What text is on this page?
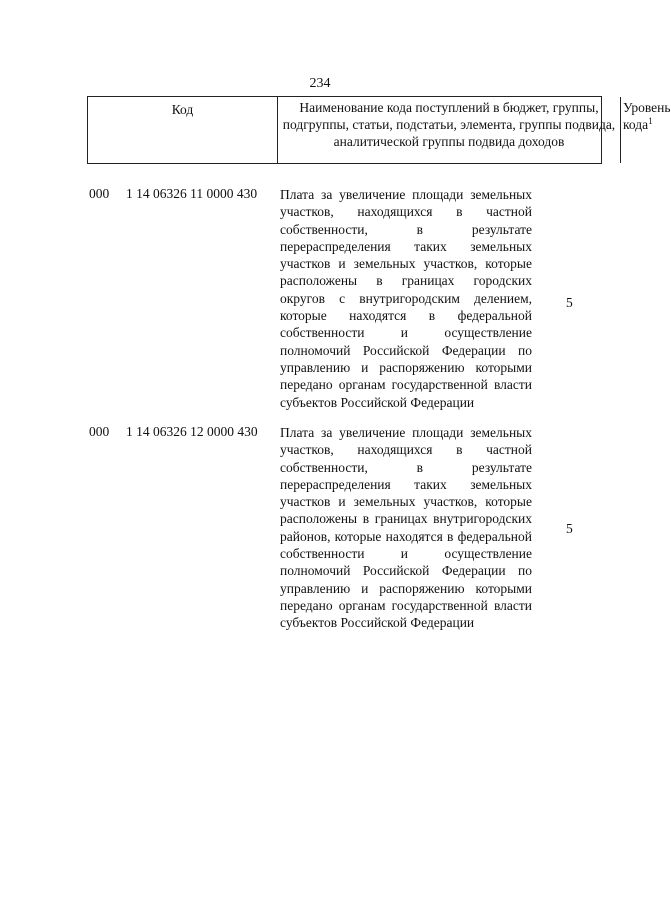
234
Код	Наименование кода поступлений в бюджет, группы, подгруппы, статьи, подстатьи, элемента, группы подвида, аналитической группы подвида доходов
Уровень кода$^1$
000 1 14 06326 11 0000 430 Плата за увеличение площади земельных участков, находящихся в частной собственности, в результате перераспределения таких земельных участков и земельных участков, которые расположены в границах городских округов с внутригородским делением, которые находятся в федеральной собственности и осуществление полномочий Российской Федерации по управлению и распоряжению которыми передано органам государственной власти субъектов Российской Федерации
5
000 1 14 06326 12 0000 430 Плата за увеличение площади земельных участков, находящихся в частной собственности, в результате перераспределения таких земельных участков и земельных участков, которые расположены в границах внутригородских районов, которые находятся в федеральной собственности и осуществление полномочий Российской Федерации по управлению и распоряжению которыми передано органам государственной власти субъектов Российской Федерации
5
